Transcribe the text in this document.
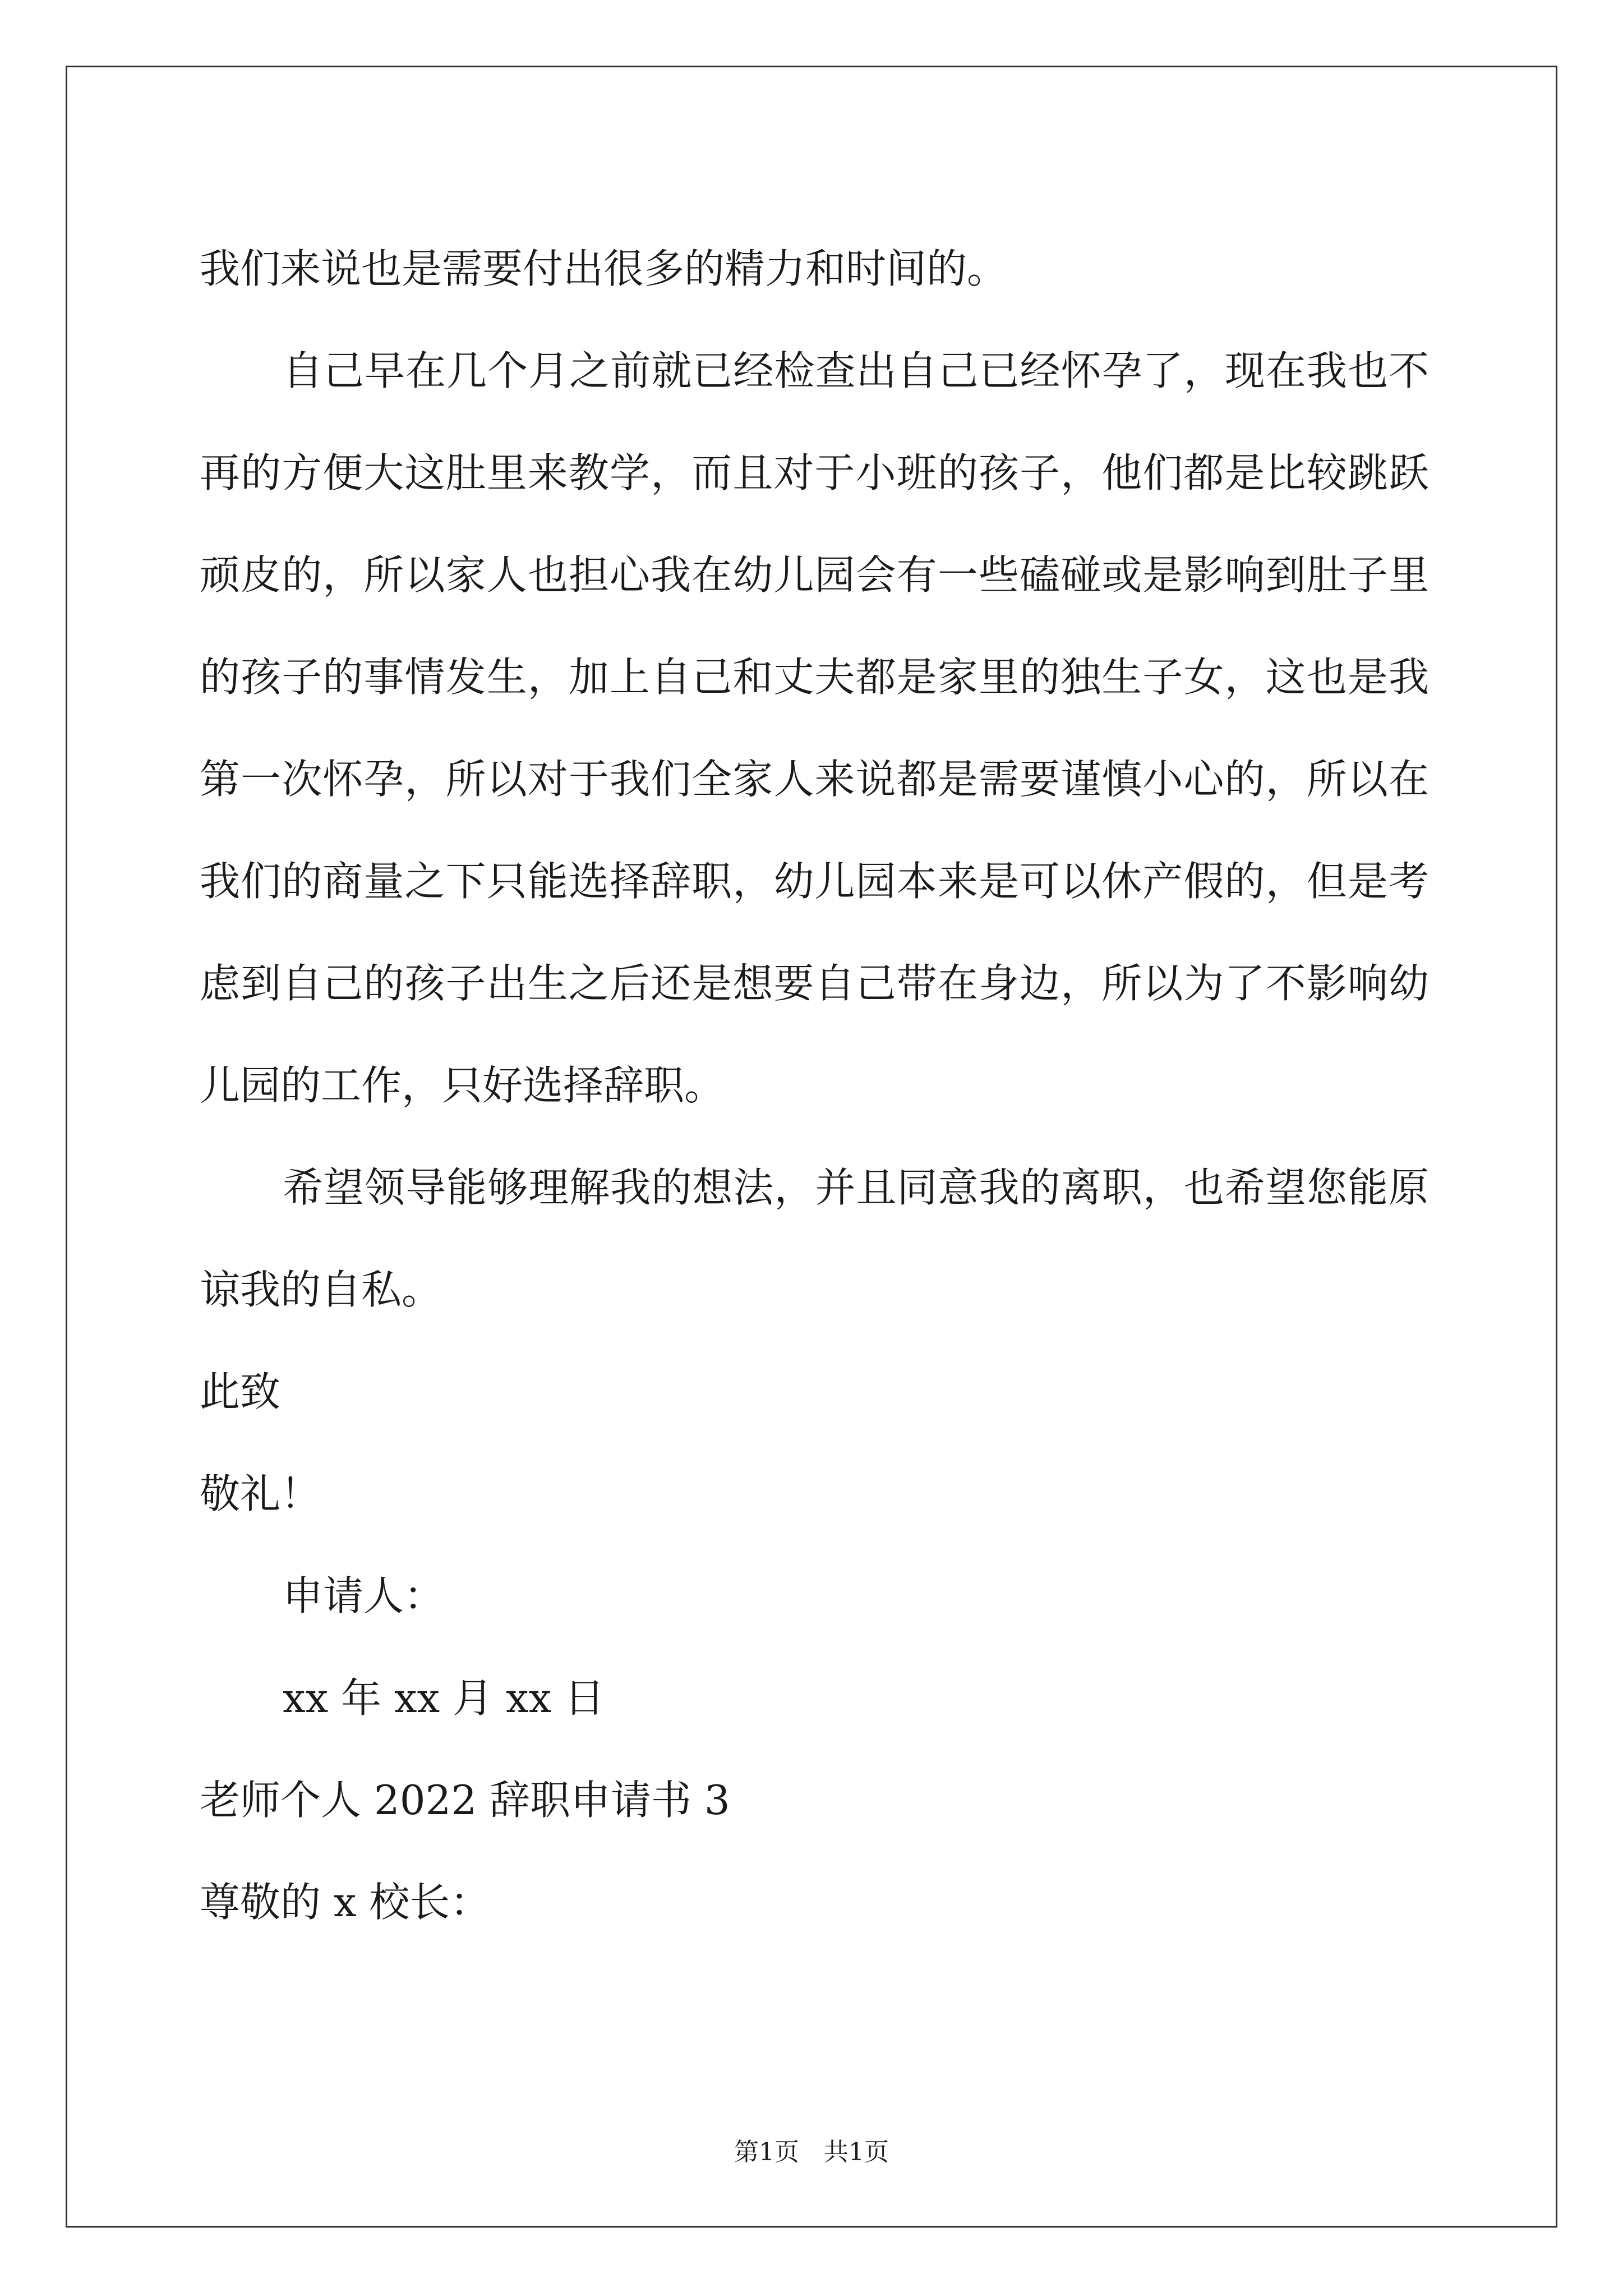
我们来说也是需要付出很多的精力和时间的。

自己早在几个月之前就已经检查出自己已经怀孕了，现在我也不再的方便大这肚里来教学，而且对于小班的孩子，他们都是比较跳跃顽皮的，所以家人也担心我在幼儿园会有一些磕碰或是影响到肚子里的孩子的事情发生，加上自己和丈夫都是家里的独生子女，这也是我第一次怀孕，所以对于我们全家人来说都是需要谨慎小心的，所以在我们的商量之下只能选择辞职，幼儿园本来是可以休产假的，但是考虑到自己的孩子出生之后还是想要自己带在身边，所以为了不影响幼儿园的工作，只好选择辞职。

希望领导能够理解我的想法，并且同意我的离职，也希望您能原谅我的自私。

此致

敬礼！

申请人：

xx 年 xx 月 xx 日

老师个人 2022 辞职申请书 3

尊敬的 x 校长：

第1页　共1页
